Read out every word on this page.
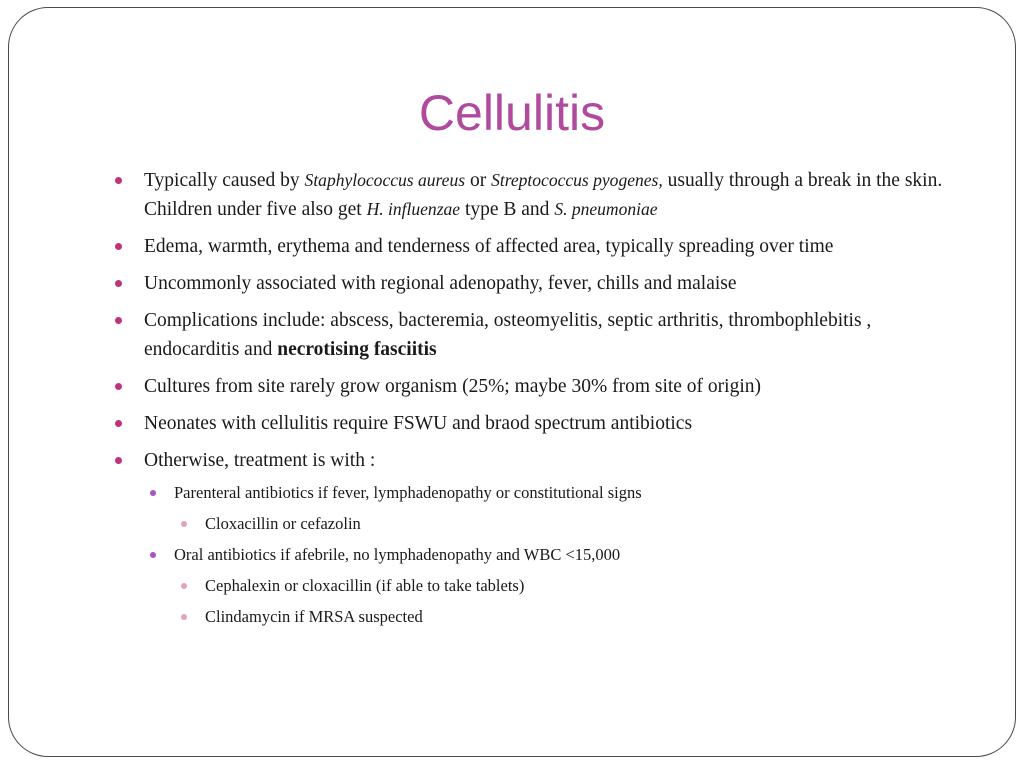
Cellulitis
Typically caused by Staphylococcus aureus or Streptococcus pyogenes, usually through a break in the skin. Children under five also get H. influenzae type B and S. pneumoniae
Edema, warmth, erythema and tenderness of affected area, typically spreading over time
Uncommonly associated with regional adenopathy, fever, chills and malaise
Complications include: abscess, bacteremia, osteomyelitis, septic arthritis, thrombophlebitis , endocarditis and necrotising fasciitis
Cultures from site rarely grow organism (25%; maybe 30% from site of origin)
Neonates with cellulitis require FSWU and braod spectrum antibiotics
Otherwise, treatment is with :
Parenteral antibiotics if fever, lymphadenopathy or constitutional signs
Cloxacillin or cefazolin
Oral antibiotics if afebrile, no lymphadenopathy and WBC <15,000
Cephalexin or cloxacillin (if able to take tablets)
Clindamycin if MRSA suspected
